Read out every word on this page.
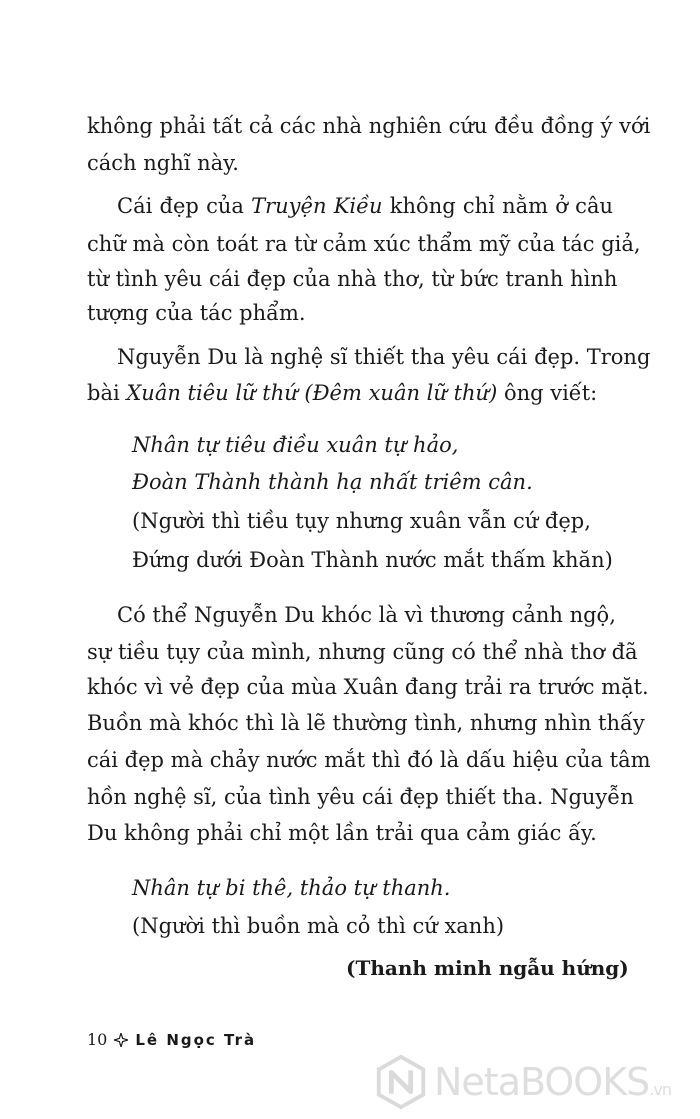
không phải tất cả các nhà nghiên cứu đều đồng ý với
cách nghĩ này.
Cái đẹp của Truyện Kiều không chỉ nằm ở câu
chữ mà còn toát ra từ cảm xúc thẩm mỹ của tác giả,
từ tình yêu cái đẹp của nhà thơ, từ bức tranh hình
tượng của tác phẩm.
Nguyễn Du là nghệ sĩ thiết tha yêu cái đẹp. Trong
bài Xuân tiêu lữ thứ (Đêm xuân lữ thứ) ông viết:
Nhân tự tiêu điều xuân tự hảo,
Đoàn Thành thành hạ nhất triêm cân.
(Người thì tiều tụy nhưng xuân vẫn cứ đẹp,
Đứng dưới Đoàn Thành nước mắt thấm khăn)
Có thể Nguyễn Du khóc là vì thương cảnh ngộ,
sự tiều tụy của mình, nhưng cũng có thể nhà thơ đã
khóc vì vẻ đẹp của mùa Xuân đang trải ra trước mặt.
Buồn mà khóc thì là lẽ thường tình, nhưng nhìn thấy
cái đẹp mà chảy nước mắt thì đó là dấu hiệu của tâm
hồn nghệ sĩ, của tình yêu cái đẹp thiết tha. Nguyễn
Du không phải chỉ một lần trải qua cảm giác ấy.
Nhân tự bi thê, thảo tự thanh.
(Người thì buồn mà cỏ thì cứ xanh)
(Thanh minh ngẫu hứng)
10 Lê Ngọc Trà
NetaBOOKS.vn
